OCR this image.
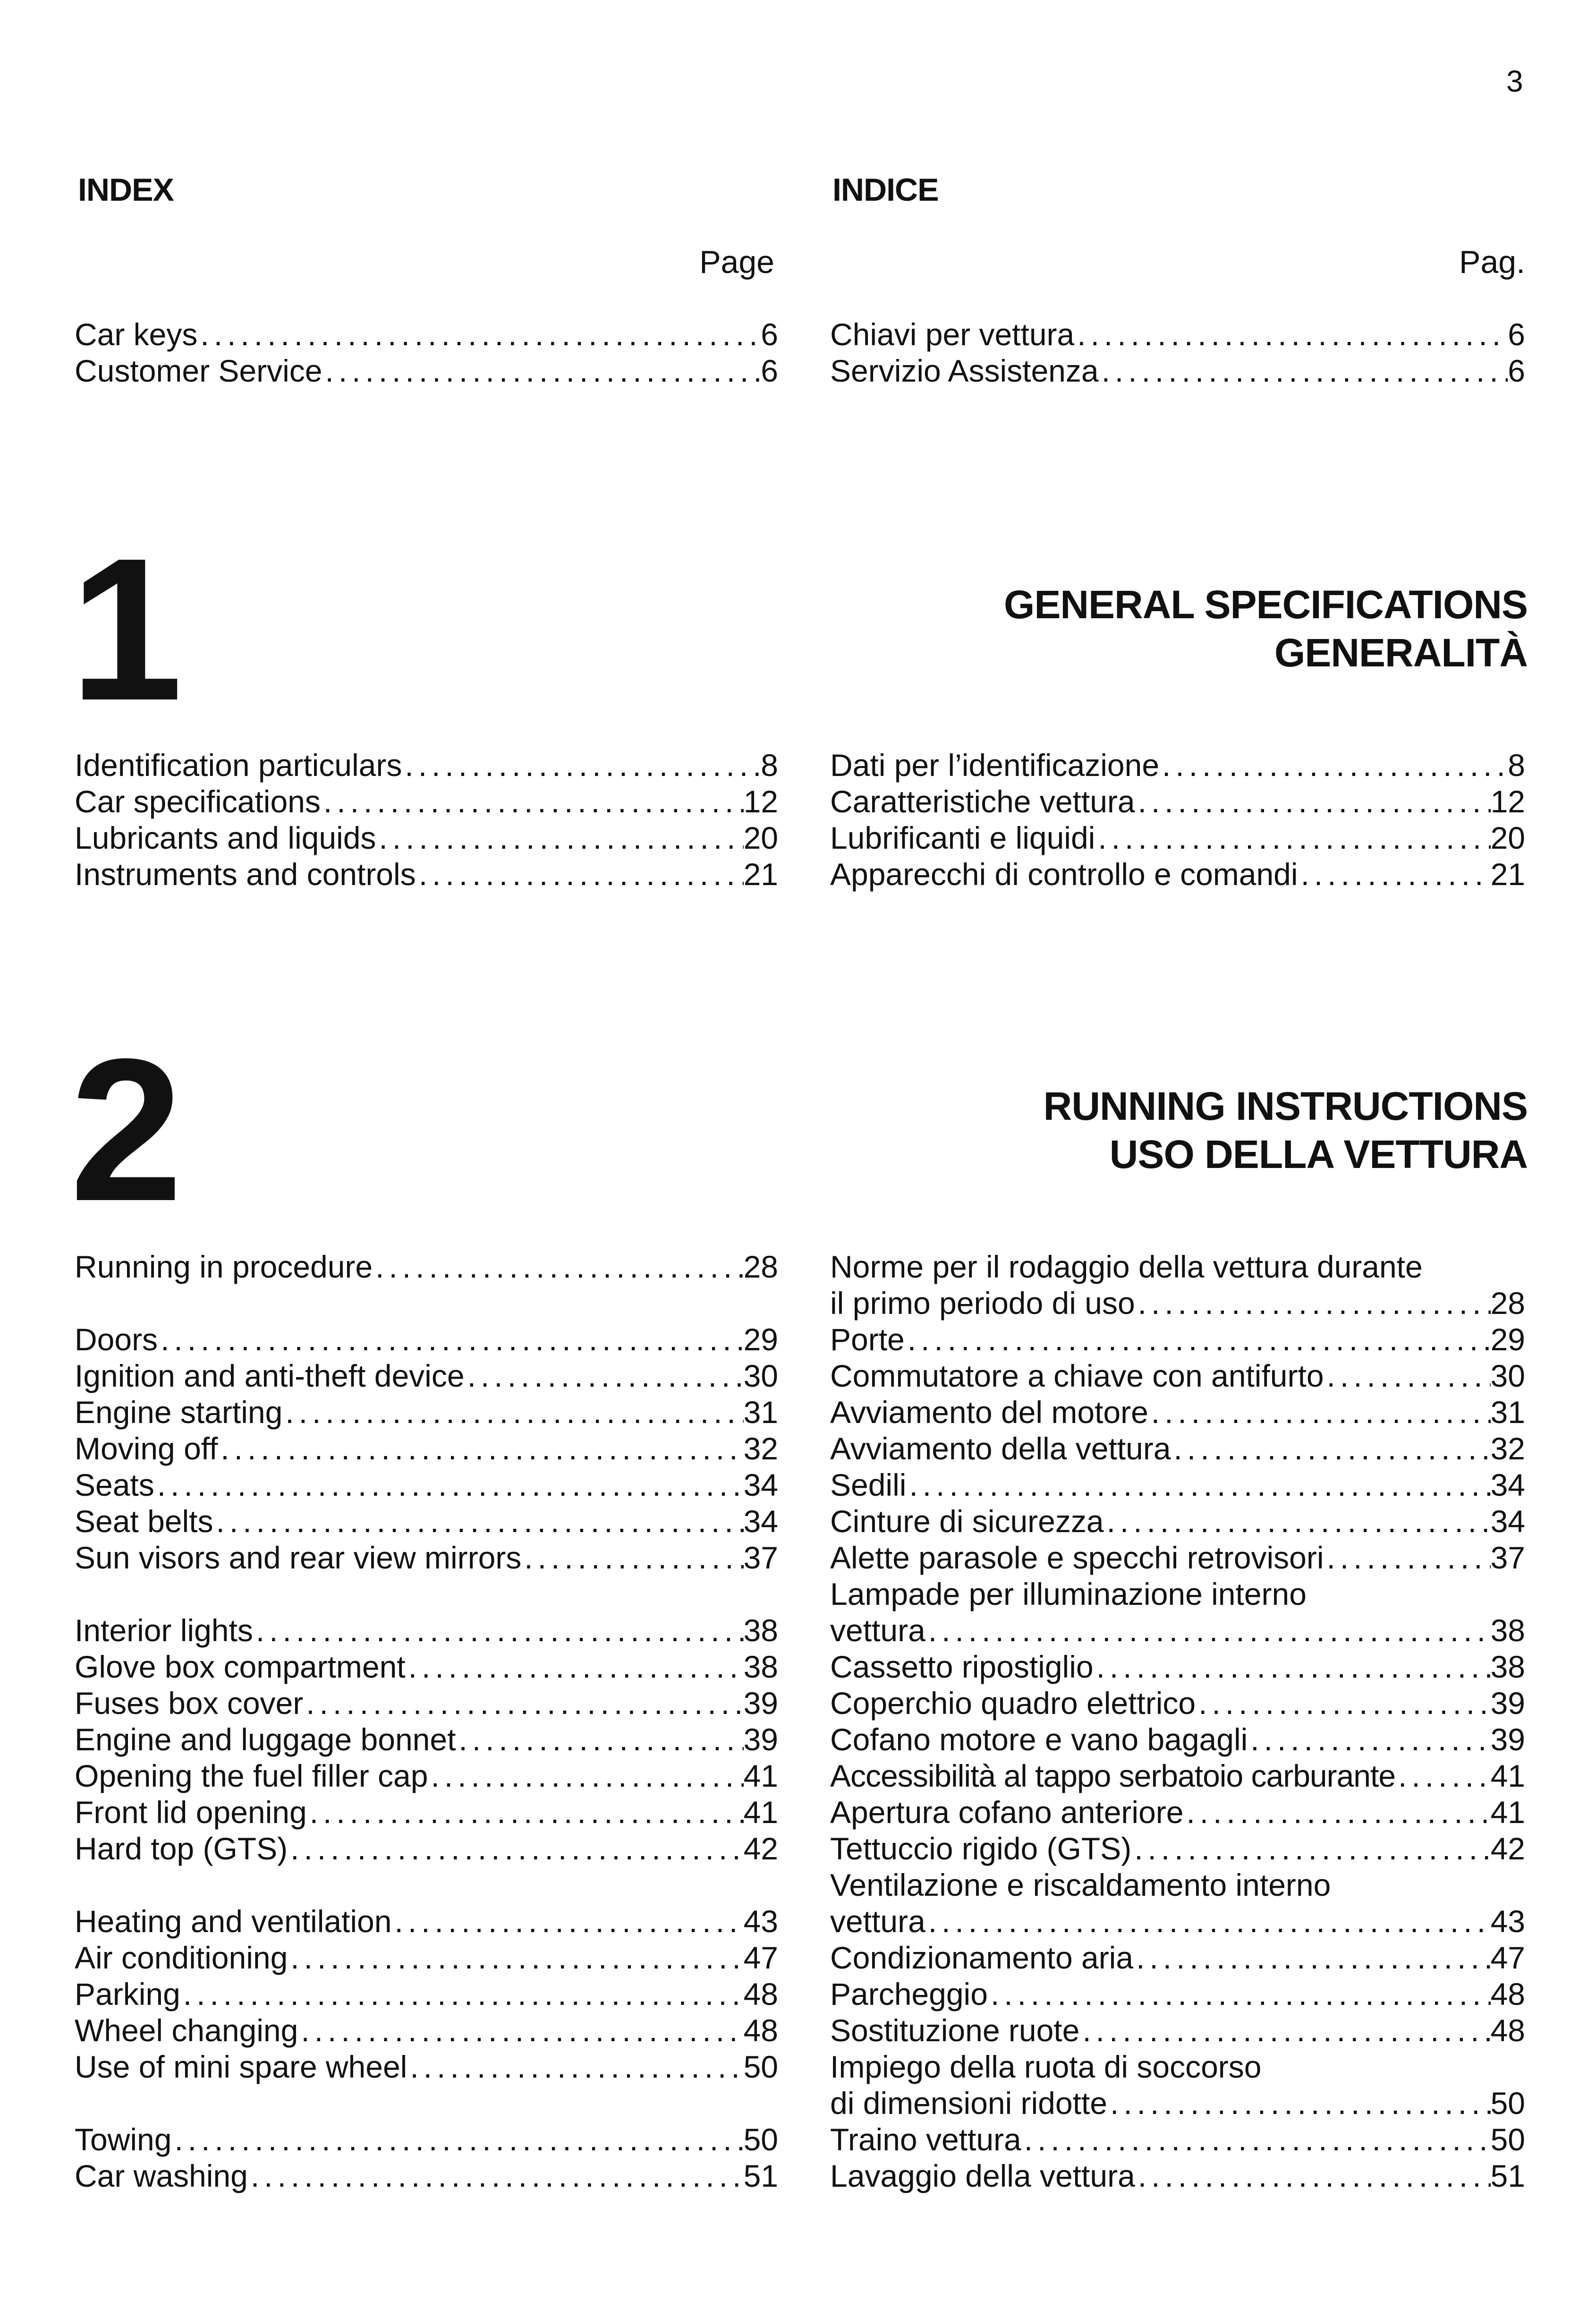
3
INDEX	INDICE
Page	Pag.
Car keys .....	6
Customer Service .....	6
Chiavi per vettura .....	6
Servizio Assistenza .....	6
1	GENERAL SPECIFICATIONS
GENERALITÀ
Identification particulars .....	8
Car specifications .....	12
Lubricants and liquids .....	20
Instruments and controls .....	21
Dati per l’identificazione .....	8
Caratteristiche vettura .....	12
Lubrificanti e liquidi .....	20
Apparecchi di controllo e comandi .....	21
2	RUNNING INSTRUCTIONS
USO DELLA VETTURA
Running in procedure .....	28
Doors .....	29
Ignition and anti-theft device .....	30
Engine starting .....	31
Moving off .....	32
Seats .....	34
Seat belts .....	34
Sun visors and rear view mirrors .....	37
Interior lights .....	38
Glove box compartment .....	38
Fuses box cover .....	39
Engine and luggage bonnet .....	39
Opening the fuel filler cap .....	41
Front lid opening .....	41
Hard top (GTS) .....	42
Heating and ventilation .....	43
Air conditioning .....	47
Parking .....	48
Wheel changing .....	48
Use of mini spare wheel .....	50
Towing .....	50
Car washing .....	51
Norme per il rodaggio della vettura durante
il primo periodo di uso .....	28
Porte .....	29
Commutatore a chiave con antifurto .....	30
Avviamento del motore .....	31
Avviamento della vettura .....	32
Sedili .....	34
Cinture di sicurezza .....	34
Alette parasole e specchi retrovisori .....	37
Lampade per illuminazione interno
vettura .....	38
Cassetto ripostiglio .....	38
Coperchio quadro elettrico .....	39
Cofano motore e vano bagagli .....	39
Accessibilità al tappo serbatoio carburante .....	41
Apertura cofano anteriore .....	41
Tettuccio rigido (GTS) .....	42
Ventilazione e riscaldamento interno
vettura .....	43
Condizionamento aria .....	47
Parcheggio .....	48
Sostituzione ruote .....	48
Impiego della ruota di soccorso
di dimensioni ridotte .....	50
Traino vettura .....	50
Lavaggio della vettura .....	51
